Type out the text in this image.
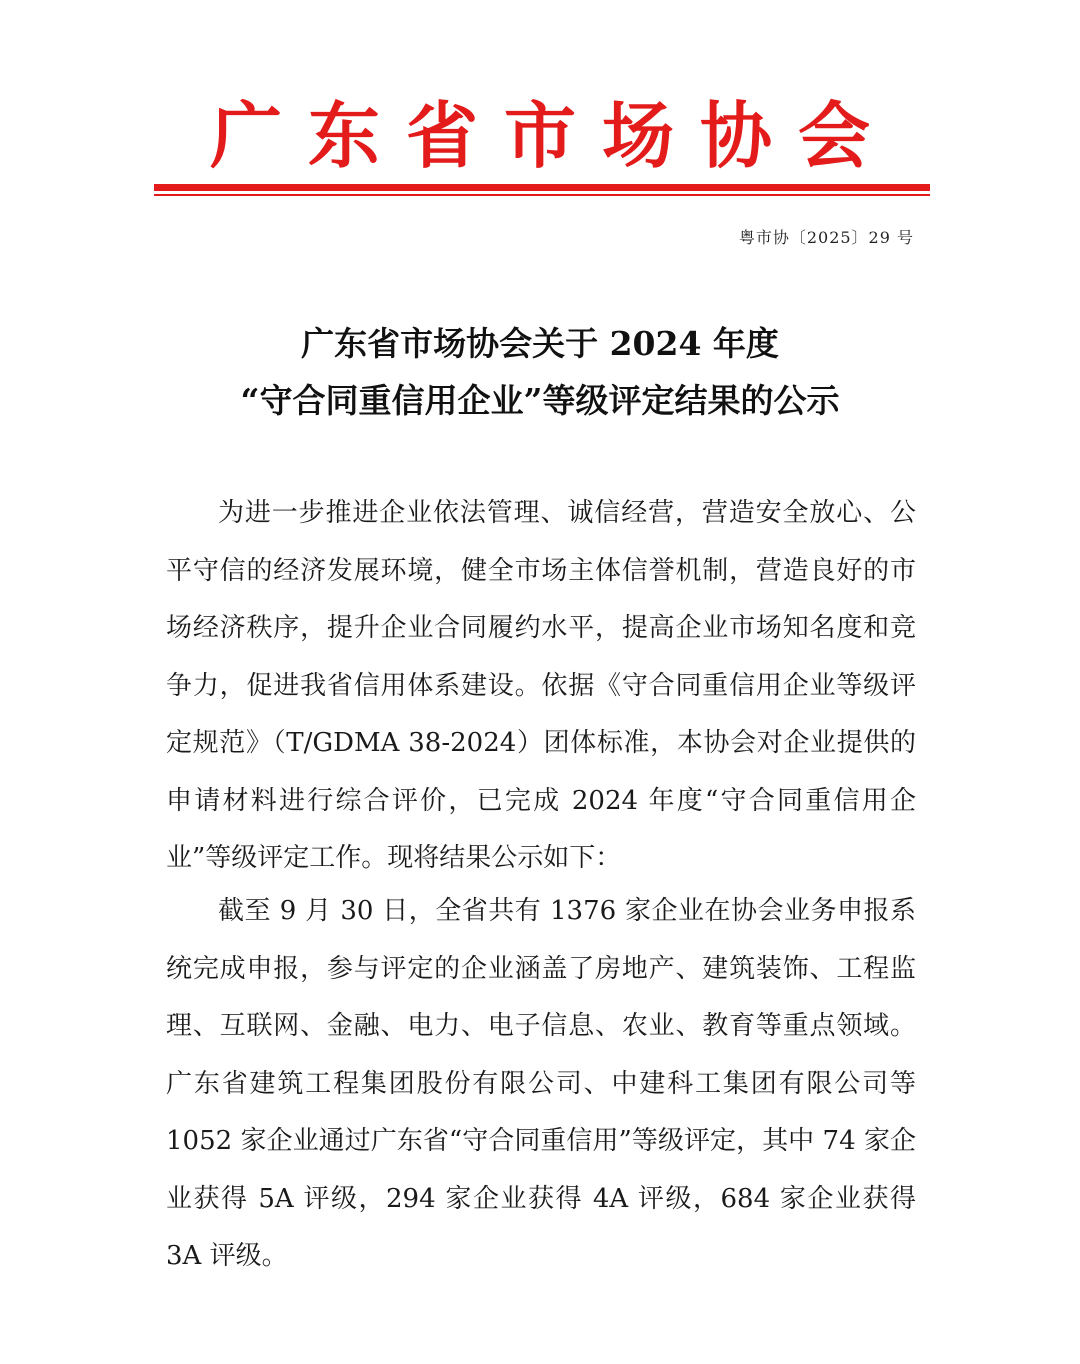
广东省市场协会
粤市协〔2025〕29 号
广东省市场协会关于 2024 年度
“守合同重信用企业”等级评定结果的公示

为进一步推进企业依法管理、诚信经营，营造安全放心、公平守信的经济发展环境，健全市场主体信誉机制，营造良好的市场经济秩序，提升企业合同履约水平，提高企业市场知名度和竞争力，促进我省信用体系建设。依据《守合同重信用企业等级评定规范》（T/GDMA 38-2024）团体标准，本协会对企业提供的申请材料进行综合评价，已完成 2024 年度“守合同重信用企业”等级评定工作。现将结果公示如下：

截至 9 月 30 日，全省共有 1376 家企业在协会业务申报系统完成申报，参与评定的企业涵盖了房地产、建筑装饰、工程监理、互联网、金融、电力、电子信息、农业、教育等重点领域。广东省建筑工程集团股份有限公司、中建科工集团有限公司等 1052 家企业通过广东省“守合同重信用”等级评定，其中 74 家企业获得 5A 评级，294 家企业获得 4A 评级，684 家企业获得 3A 评级。
